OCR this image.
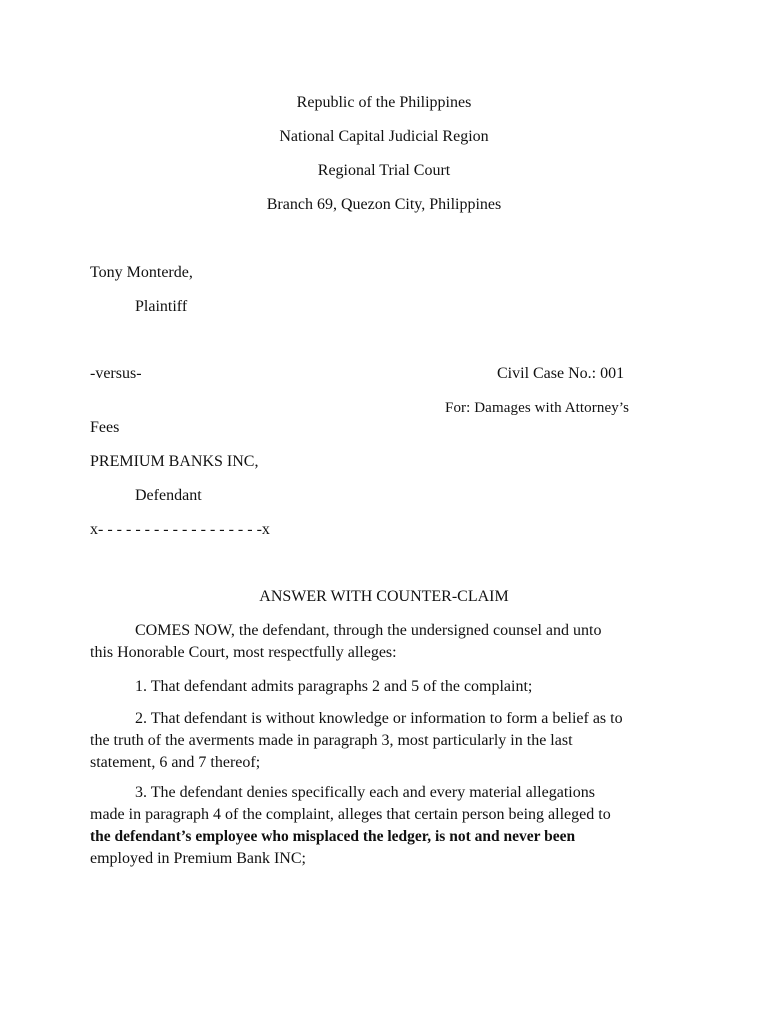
Republic of the Philippines
National Capital Judicial Region
Regional Trial Court
Branch 69, Quezon City, Philippines
Tony Monterde,
Plaintiff
-versus-	Civil Case No.: 001
For: Damages with Attorney’s
Fees
PREMIUM BANKS INC,
Defendant
x- - - - - - - - - - - - - - - - - -x
ANSWER WITH COUNTER-CLAIM
COMES NOW, the defendant, through the undersigned counsel and unto
this Honorable Court, most respectfully alleges:
1. That defendant admits paragraphs 2 and 5 of the complaint;
2. That defendant is without knowledge or information to form a belief as to
the truth of the averments made in paragraph 3, most particularly in the last
statement, 6 and 7 thereof;
3. The defendant denies specifically each and every material allegations
made in paragraph 4 of the complaint, alleges that certain person being alleged to
the defendant’s employee who misplaced the ledger, is not and never been
employed in Premium Bank INC;
